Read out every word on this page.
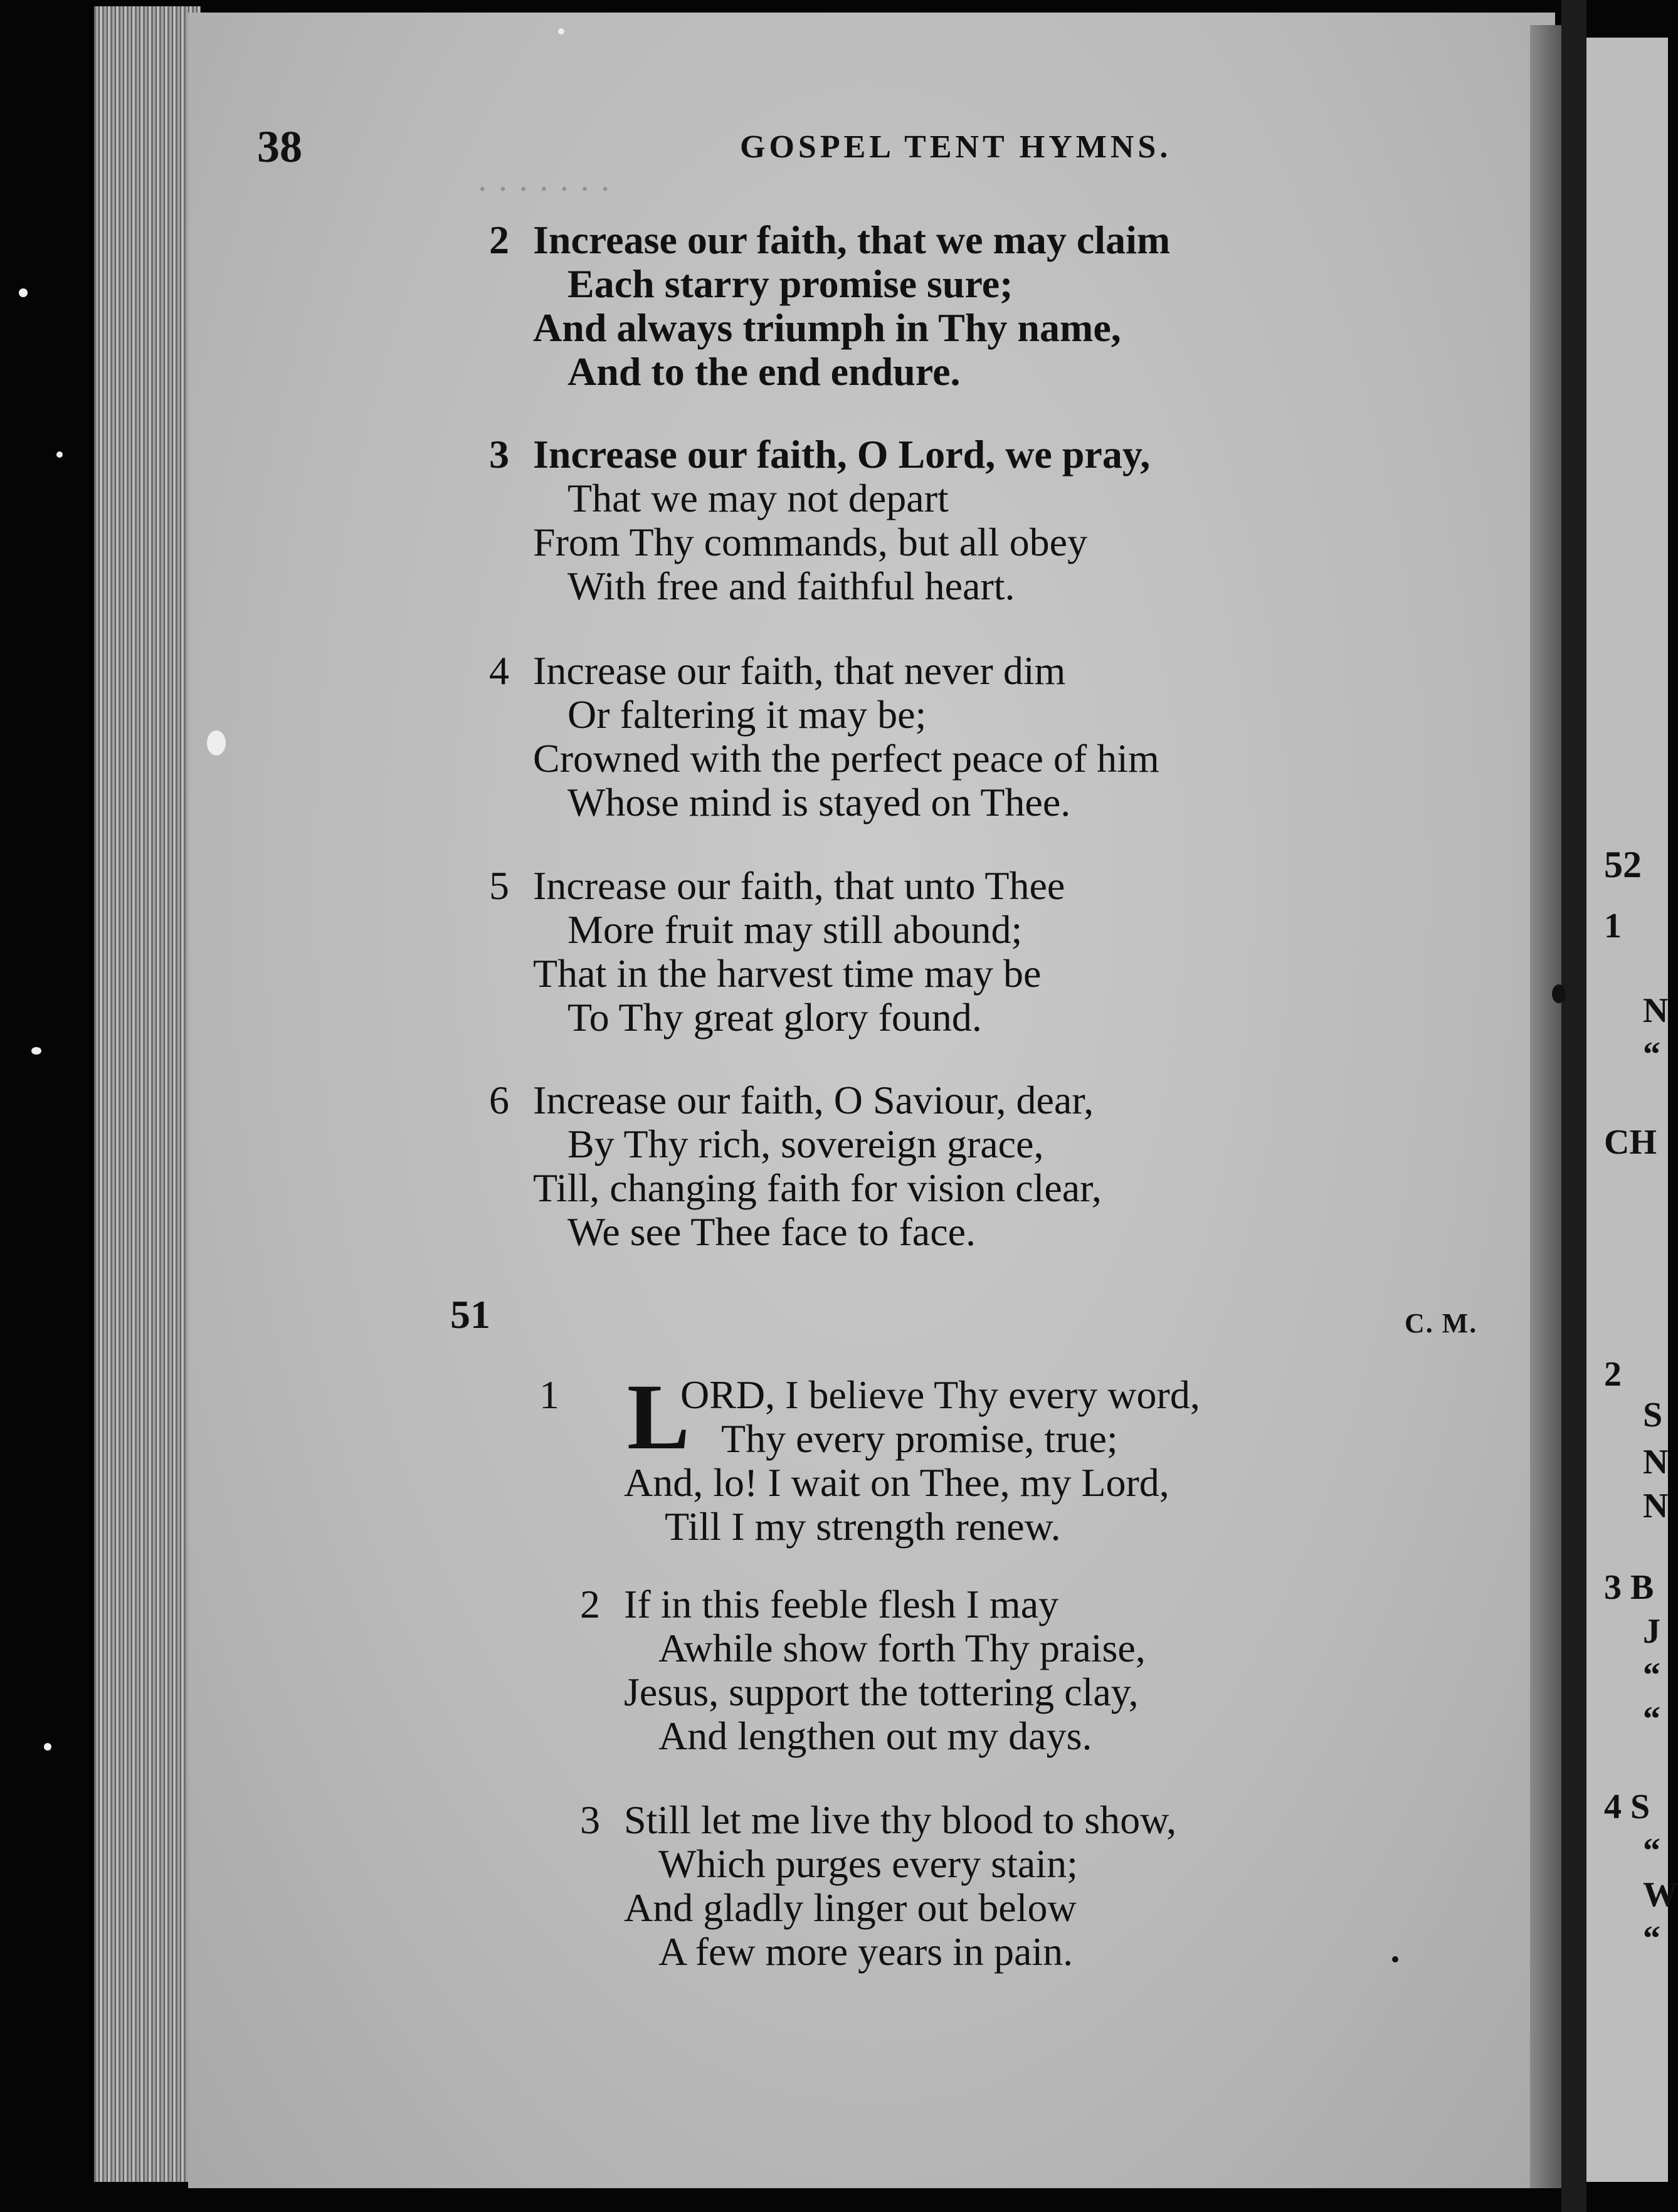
· · · · · · ·
38	GOSPEL TENT HYMNS.
2 Increase our faith, that we may claim
Each starry promise sure;
And always triumph in Thy name,
And to the end endure.
3 Increase our faith, O Lord, we pray,
That we may not depart
From Thy commands, but all obey
With free and faithful heart.
4 Increase our faith, that never dim
Or faltering it may be;
Crowned with the perfect peace of him
Whose mind is stayed on Thee.
5 Increase our faith, that unto Thee
More fruit may still abound;
That in the harvest time may be
To Thy great glory found.
6 Increase our faith, O Saviour, dear,
By Thy rich, sovereign grace,
Till, changing faith for vision clear,
We see Thee face to face.
51	C. M.
L
1	ORD, I believe Thy every word,
Thy every promise, true;
And, lo! I wait on Thee, my Lord,
Till I my strength renew.
2 If in this feeble flesh I may
Awhile show forth Thy praise,
Jesus, support the tottering clay,
And lengthen out my days.
3 Still let me live thy blood to show,
Which purges every stain;
And gladly linger out below
A few more years in pain.
52
1
N
“
CH
2
S
N
N
3 B
J
“
“
4 S
“
W
“
